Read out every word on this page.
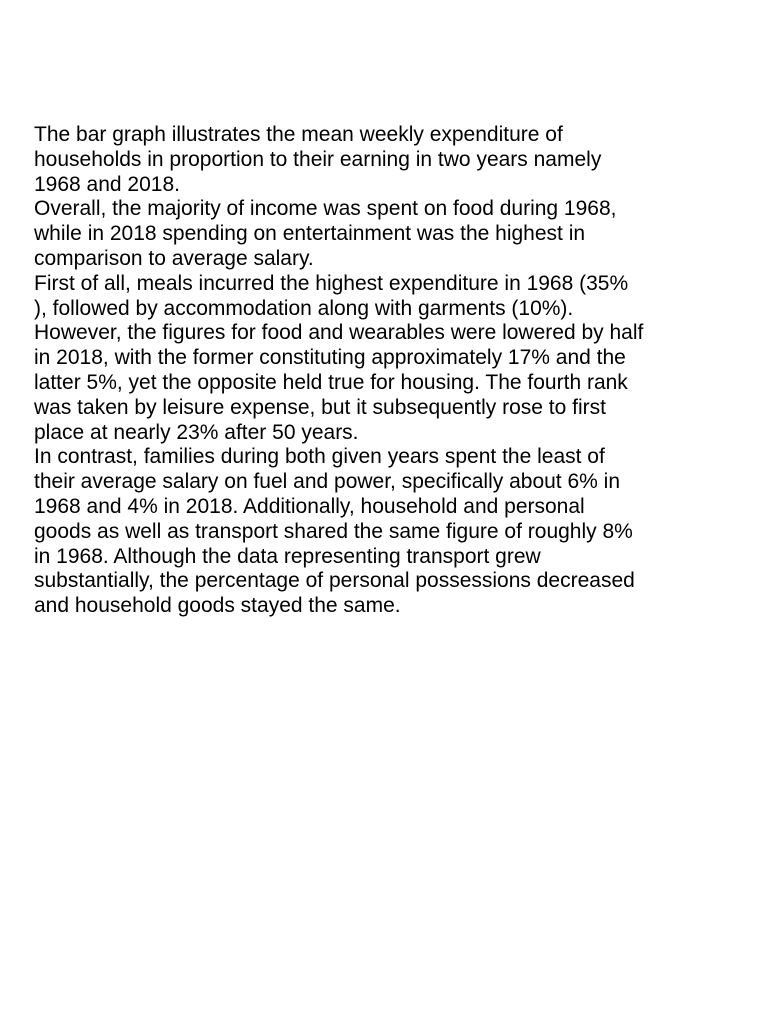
The bar graph illustrates the mean weekly expenditure of
households in proportion to their earning in two years namely
1968 and 2018.

Overall, the majority of income was spent on food during 1968,
while in 2018 spending on entertainment was the highest in
comparison to average salary.

First of all, meals incurred the highest expenditure in 1968 (35%
), followed by accommodation along with garments (10%).
However, the figures for food and wearables were lowered by half
in 2018, with the former constituting approximately 17% and the
latter 5%, yet the opposite held true for housing. The fourth rank
was taken by leisure expense, but it subsequently rose to first
place at nearly 23% after 50 years.

In contrast, families during both given years spent the least of
their average salary on fuel and power, specifically about 6% in
1968 and 4% in 2018. Additionally, household and personal
goods as well as transport shared the same figure of roughly 8%
in 1968. Although the data representing transport grew
substantially, the percentage of personal possessions decreased
and household goods stayed the same.
